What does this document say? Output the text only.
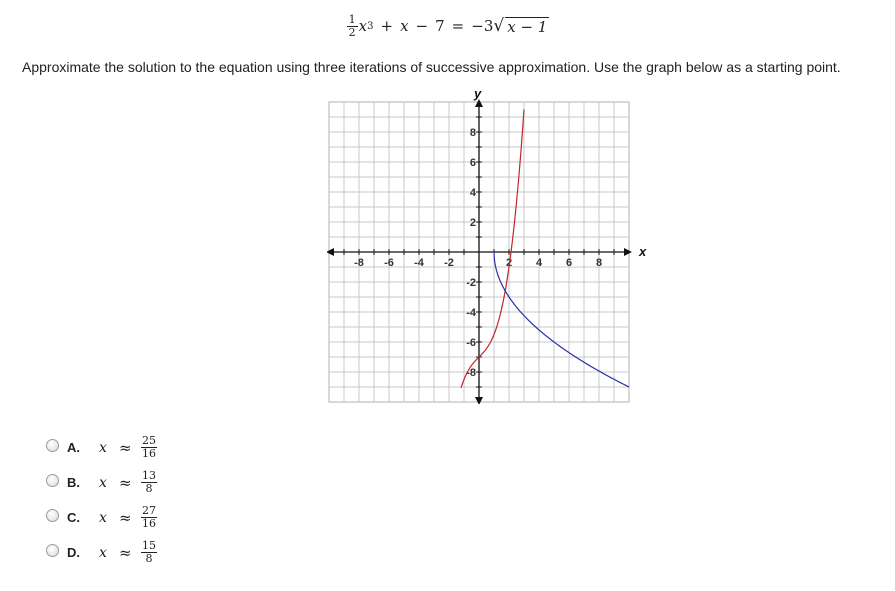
$\frac{1}{2}$ x 3 + x − 7 = −3 √ x − 1
Approximate the solution to the equation using three iterations of successive approximation. Use the graph below as a starting point.
-8 -6 -4 -2	2 4 6 8
8
6
4
2
-2
-4
-6
-8
x
y
A.	$x \approx \frac{25}{16}$
B.	$x \approx \frac{13}{8}$
C.	$x \approx \frac{27}{16}$
D.	$x \approx \frac{15}{8}$
